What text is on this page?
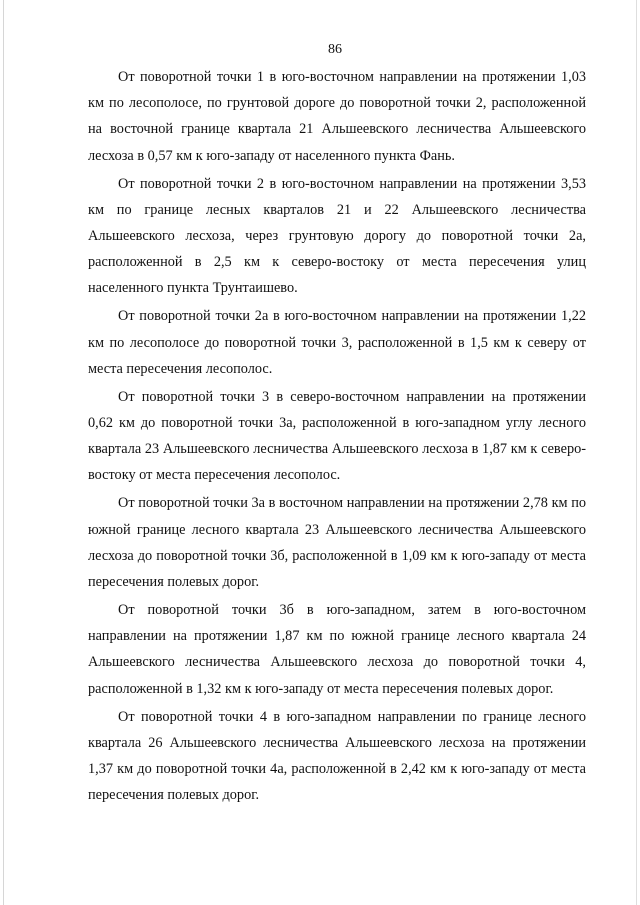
86

От поворотной точки 1 в юго-восточном направлении на протяжении 1,03 км по лесополосе, по грунтовой дороге до поворотной точки 2, расположенной на восточной границе квартала 21 Альшеевского лесничества Альшеевского лесхоза в 0,57 км к юго-западу от населенного пункта Фань.

От поворотной точки 2 в юго-восточном направлении на протяжении 3,53 км по границе лесных кварталов 21 и 22 Альшеевского лесничества Альшеевского лесхоза, через грунтовую дорогу до поворотной точки 2а, расположенной в 2,5 км к северо-востоку от места пересечения улиц населенного пункта Трунтаишево.

От поворотной точки 2а в юго-восточном направлении на протяжении 1,22 км по лесополосе до поворотной точки 3, расположенной в 1,5 км к северу от места пересечения лесополос.

От поворотной точки 3 в северо-восточном направлении на протяжении 0,62 км до поворотной точки 3а, расположенной в юго-западном углу лесного квартала 23 Альшеевского лесничества Альшеевского лесхоза в 1,87 км к северо-востоку от места пересечения лесополос.

От поворотной точки 3а в восточном направлении на протяжении 2,78 км по южной границе лесного квартала 23 Альшеевского лесничества Альшеевского лесхоза до поворотной точки 3б, расположенной в 1,09 км к юго-западу от места пересечения полевых дорог.

От поворотной точки 3б в юго-западном, затем в юго-восточном направлении на протяжении 1,87 км по южной границе лесного квартала 24 Альшеевского лесничества Альшеевского лесхоза до поворотной точки 4, расположенной в 1,32 км к юго-западу от места пересечения полевых дорог.

От поворотной точки 4 в юго-западном направлении по границе лесного квартала 26 Альшеевского лесничества Альшеевского лесхоза на протяжении 1,37 км до поворотной точки 4а, расположенной в 2,42 км к юго-западу от места пересечения полевых дорог.
